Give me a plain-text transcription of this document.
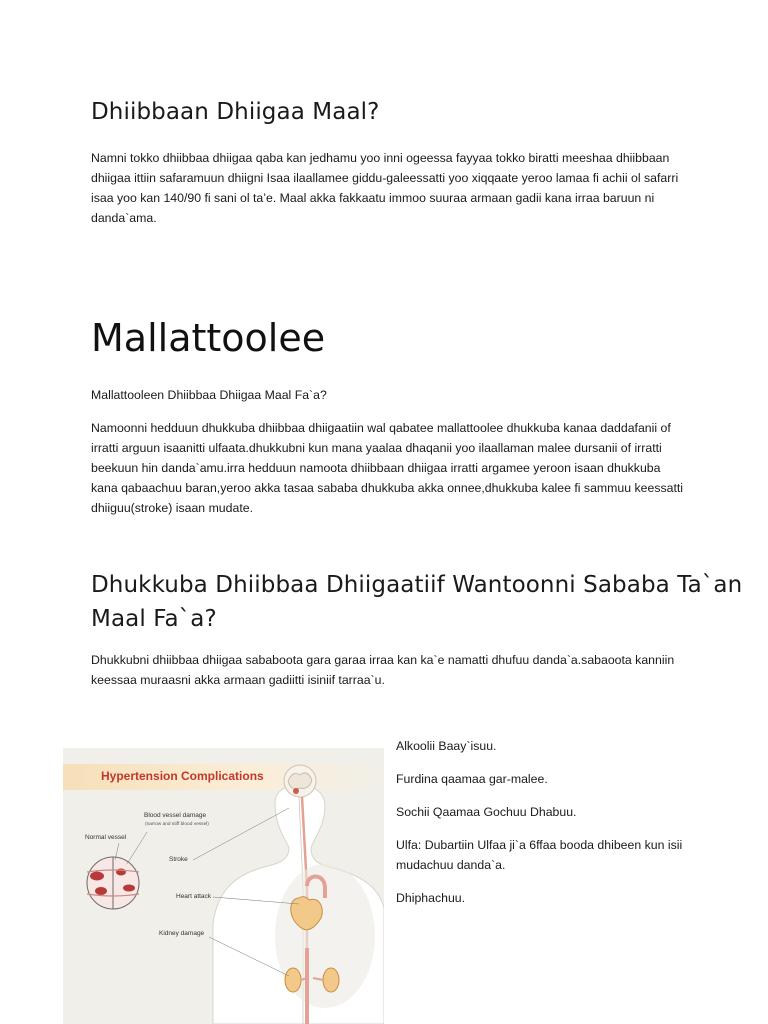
Dhiibbaan Dhiigaa Maal?

Namni tokko dhiibbaa dhiigaa qaba kan jedhamu yoo inni ogeessa fayyaa tokko biratti meeshaa dhiibbaan dhiigaa ittiin safaramuun dhiigni Isaa ilaallamee giddu-galeessatti yoo xiqqaate yeroo lamaa fi achii ol safarri isaa yoo kan 140/90 fi sani ol ta’e. Maal akka fakkaatu immoo suuraa armaan gadii kana irraa baruun ni danda`ama.

Mallattoolee

Mallattooleen Dhiibbaa Dhiigaa Maal Fa`a?

Namoonni hedduun dhukkuba dhiibbaa dhiigaatiin wal qabatee mallattoolee dhukkuba kanaa daddafanii of irratti arguun isaanitti ulfaata.dhukkubni kun mana yaalaa dhaqanii yoo ilaallaman malee dursanii of irratti beekuun hin danda`amu.irra hedduun namoota dhiibbaan dhiigaa irratti argamee yeroon isaan dhukkuba kana qabaachuu baran,yeroo akka tasaa sababa dhukkuba akka onnee,dhukkuba kalee fi sammuu keessatti dhiiguu(stroke) isaan mudate.

Dhukkuba Dhiibbaa Dhiigaatiif Wantoonni Sababa Ta`an
Maal Fa`a?

Dhukkubni dhiibbaa dhiigaa sababoota gara garaa irraa kan ka`e namatti dhufuu danda`a.sabaoota kanniin keessaa muraasni akka armaan gadiitti isiniif tarraa`u.

Alkoolii Baay`isuu.
Furdina qaamaa gar-malee.
Sochii Qaamaa Gochuu Dhabuu.
Ulfa: Dubartiin Ulfaa ji`a 6ffaa booda dhibeen kun isii mudachuu danda`a.
Dhiphachuu.
Hypertension Complications
Blood vessel damage
(narrow and stiff blood vessel)
Normal vessel
Stroke
Heart attack
Kidney damage
